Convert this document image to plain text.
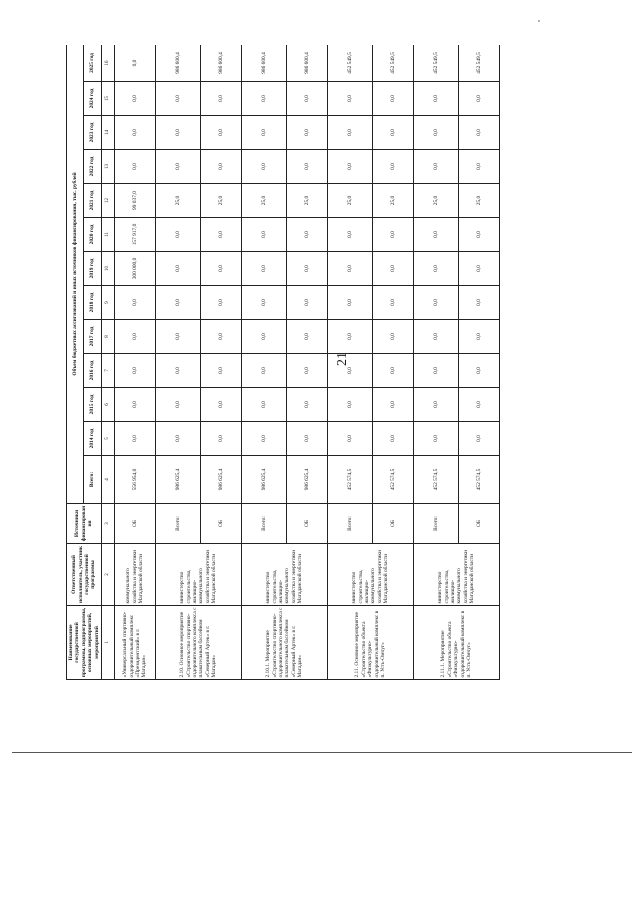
21
Наименование государственной программы, подпрограммы, основных мероприятий, мероприятий	Ответственный исполнитель, участник государственной программы	Источники финансирования	Объем бюджетных ассигнований и иных источников финансирования, тыс. рублей												
			Всего:	2014 год	2015 год	2016 год	2017 год	2018 год	2019 год	2020 год	2021 год	2022 год	2023 год	2024 год	2025 год
1	2	3	4	5	6	7	8	9	10	11	12	13	14	15	16
«Универсальный спортивно-оздоровительный комплекс «Президентский» в г. Магадан»	коммунального хозяйства и энергетики Магаданской области	ОБ	556 954,0	0,0	0,0	0,0	0,0	0,0	300 000,0	157 917,0	99 037,0	0,0	0,0	0,0	0,0
2.10. Основное мероприятие «Строительство спортивно-оздоровительного комплекса с плавательным бассейном «Северный Артек» в г. Магадан»	министерство строительства, жилищно-коммунального хозяйства и энергетики Магаданской области	Всего:	986 625,4	0,0	0,0	0,0	0,0	0,0	0,0	0,0	25,0	0,0	0,0	0,0	986 600,4
		ОБ	986 625,4	0,0	0,0	0,0	0,0	0,0	0,0	0,0	25,0	0,0	0,0	0,0	986 600,4
2.10.1. Мероприятие «Строительство спортивно-оздоровительного комплекса с плавательным бассейном «Северный Артек» в г. Магадан»	министерство строительства, жилищно-коммунального хозяйства и энергетики Магаданской области	Всего:	986 625,4	0,0	0,0	0,0	0,0	0,0	0,0	0,0	25,0	0,0	0,0	0,0	986 600,4
		ОБ	986 625,4	0,0	0,0	0,0	0,0	0,0	0,0	0,0	25,0	0,0	0,0	0,0	986 600,4
2.11. Основное мероприятие «Строительство объекта «Физкультурно-оздоровительный комплекс в п. Усть-Омчуг»	министерство строительства, жилищно-коммунального хозяйства и энергетики Магаданской области	Всего:	452 574,5	0,0	0,0	0,0	0,0	0,0	0,0	0,0	25,0	0,0	0,0	0,0	452 549,5
		ОБ	452 574,5	0,0	0,0	0,0	0,0	0,0	0,0	0,0	25,0	0,0	0,0	0,0	452 549,5
2.11.1. Мероприятие «Строительство объекта «Физкультурно-оздоровительный комплекс в п. Усть-Омчуг»	министерство строительства, жилищно-коммунального хозяйства и энергетики Магаданской области	Всего:	452 574,5	0,0	0,0	0,0	0,0	0,0	0,0	0,0	25,0	0,0	0,0	0,0	452 549,5
		ОБ	452 574,5	0,0	0,0	0,0	0,0	0,0	0,0	0,0	25,0	0,0	0,0	0,0	452 549,5
